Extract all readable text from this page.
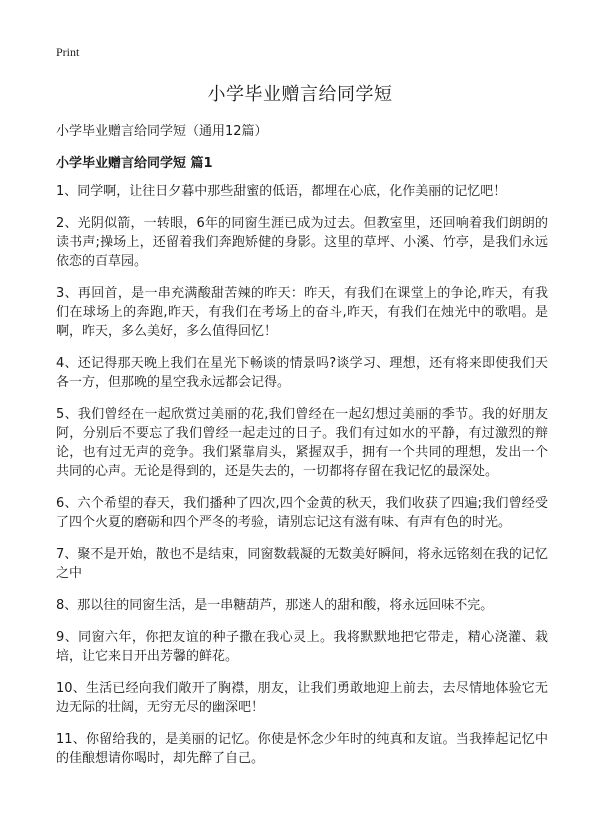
Print
小学毕业赠言给同学短

小学毕业赠言给同学短（通用12篇）

小学毕业赠言给同学短 篇1

1、同学啊，让往日夕暮中那些甜蜜的低语，都埋在心底，化作美丽的记忆吧！

2、光阴似箭，一转眼，6年的同窗生涯已成为过去。但教室里，还回响着我们朗朗的读书声;操场上，还留着我们奔跑矫健的身影。这里的草坪、小溪、竹亭，是我们永远依恋的百草园。

3、再回首，是一串充满酸甜苦辣的昨天：昨天，有我们在课堂上的争论,昨天，有我们在球场上的奔跑,昨天，有我们在考场上的奋斗,昨天，有我们在烛光中的歌唱。是啊，昨天，多么美好，多么值得回忆！

4、还记得那天晚上我们在星光下畅谈的情景吗?谈学习、理想，还有将来即使我们天各一方，但那晚的星空我永远都会记得。

5、我们曾经在一起欣赏过美丽的花,我们曾经在一起幻想过美丽的季节。我的好朋友阿，分别后不要忘了我们曾经一起走过的日子。我们有过如水的平静，有过激烈的辩论，也有过无声的竞争。我们紧靠肩头，紧握双手，拥有一个共同的理想，发出一个共同的心声。无论是得到的，还是失去的，一切都将存留在我记忆的最深处。

6、六个希望的春天，我们播种了四次,四个金黄的秋天，我们收获了四遍;我们曾经受了四个火夏的磨砺和四个严冬的考验，请别忘记这有滋有味、有声有色的时光。

7、聚不是开始，散也不是结束，同窗数载凝的无数美好瞬间，将永远铭刻在我的记忆之中

8、那以往的同窗生活，是一串糖葫芦，那迷人的甜和酸，将永远回味不完。

9、同窗六年，你把友谊的种子撒在我心灵上。我将默默地把它带走，精心浇灌、栽培，让它来日开出芳馨的鲜花。

10、生活已经向我们敞开了胸襟，朋友，让我们勇敢地迎上前去，去尽情地体验它无边无际的壮阔，无穷无尽的幽深吧！

11、你留给我的，是美丽的记忆。你使是怀念少年时的纯真和友谊。当我捧起记忆中的佳酿想请你喝时，却先醉了自己。
